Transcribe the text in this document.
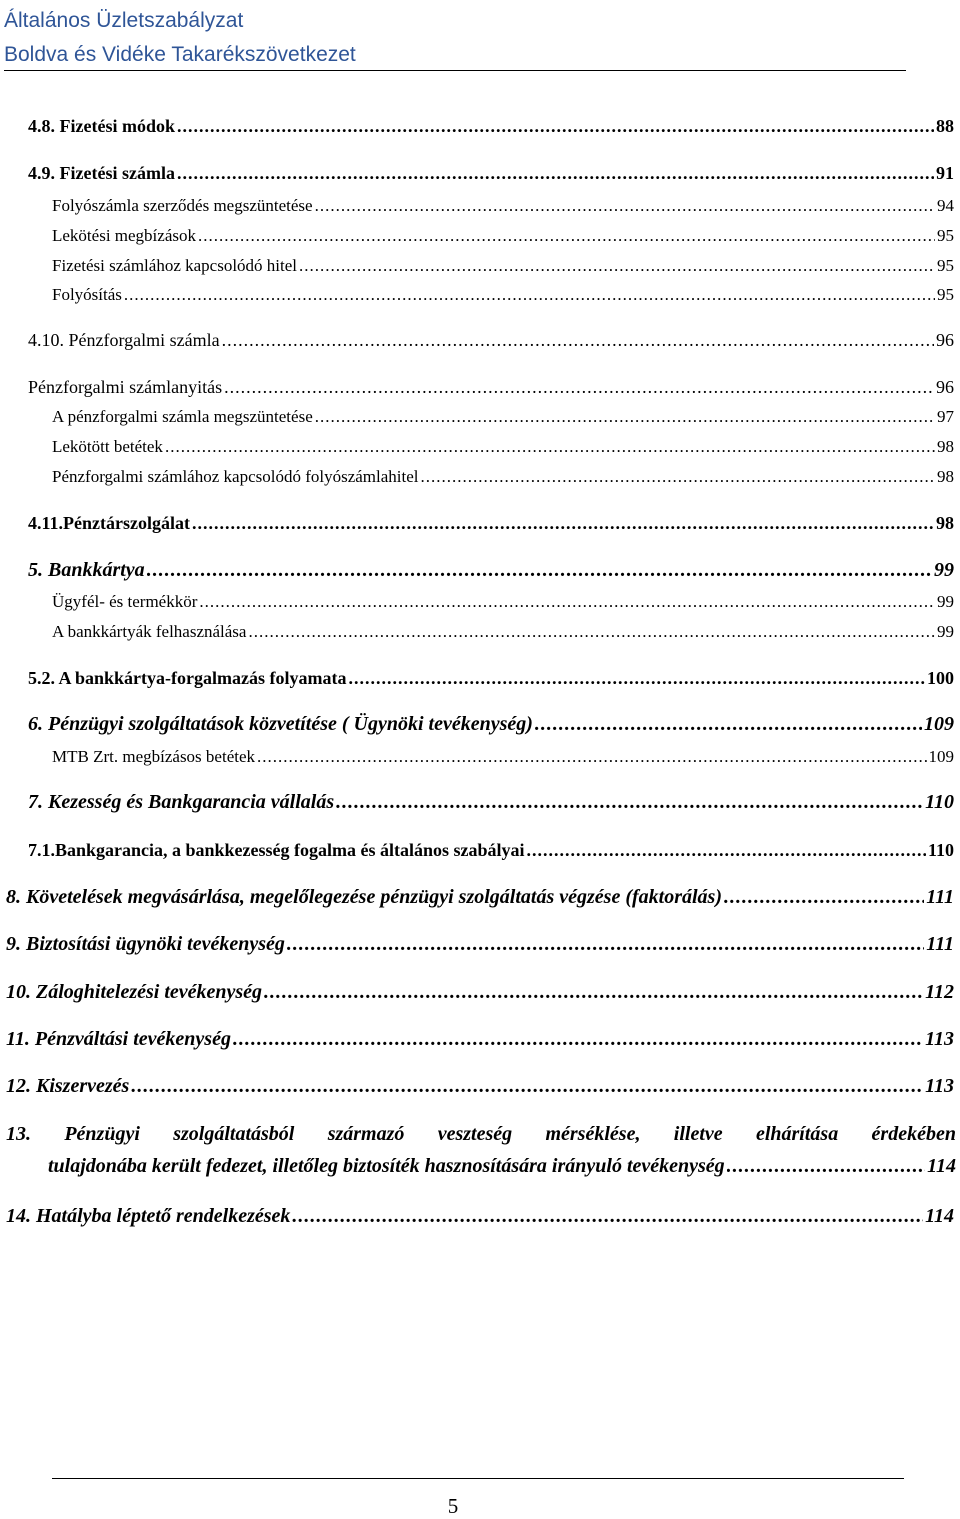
Általános Üzletszabályzat
Boldva és Vidéke Takarékszövetkezet
4.8. Fizetési módok .....	88
4.9. Fizetési számla .....	91
Folyószámla szerződés megszüntetése .....	94
Lekötési megbízások .....	95
Fizetési számlához kapcsolódó hitel .....	95
Folyósítás .....	95
4.10. Pénzforgalmi számla .....	96
Pénzforgalmi számlanyitás .....	96
A pénzforgalmi számla megszüntetése .....	97
Lekötött betétek .....	98
Pénzforgalmi számlához kapcsolódó folyószámlahitel .....	98
4.11.Pénztárszolgálat .....	98
5. Bankkártya .....	99
Ügyfél- és termékkör .....	99
A bankkártyák felhasználása .....	99
5.2. A bankkártya-forgalmazás folyamata .....	100
6. Pénzügyi szolgáltatások közvetítése ( Ügynöki tevékenység) .....	109
MTB Zrt. megbízásos betétek .....	109
7. Kezesség és Bankgarancia vállalás .....	110
7.1.Bankgarancia, a bankkezesség fogalma és általános szabályai .....	110
8. Követelések megvásárlása, megelőlegezése pénzügyi szolgáltatás végzése (faktorálás) .....	111
9. Biztosítási ügynöki tevékenység .....	111
10. Záloghitelezési tevékenység .....	112
11. Pénzváltási tevékenység .....	113
12. Kiszervezés .....	113
13. Pénzügyi szolgáltatásból származó veszteség mérséklése, illetve elhárítása érdekében
tulajdonába került fedezet, illetőleg biztosíték hasznosítására irányuló tevékenység .....	114
14. Hatályba léptető rendelkezések .....	114
5
